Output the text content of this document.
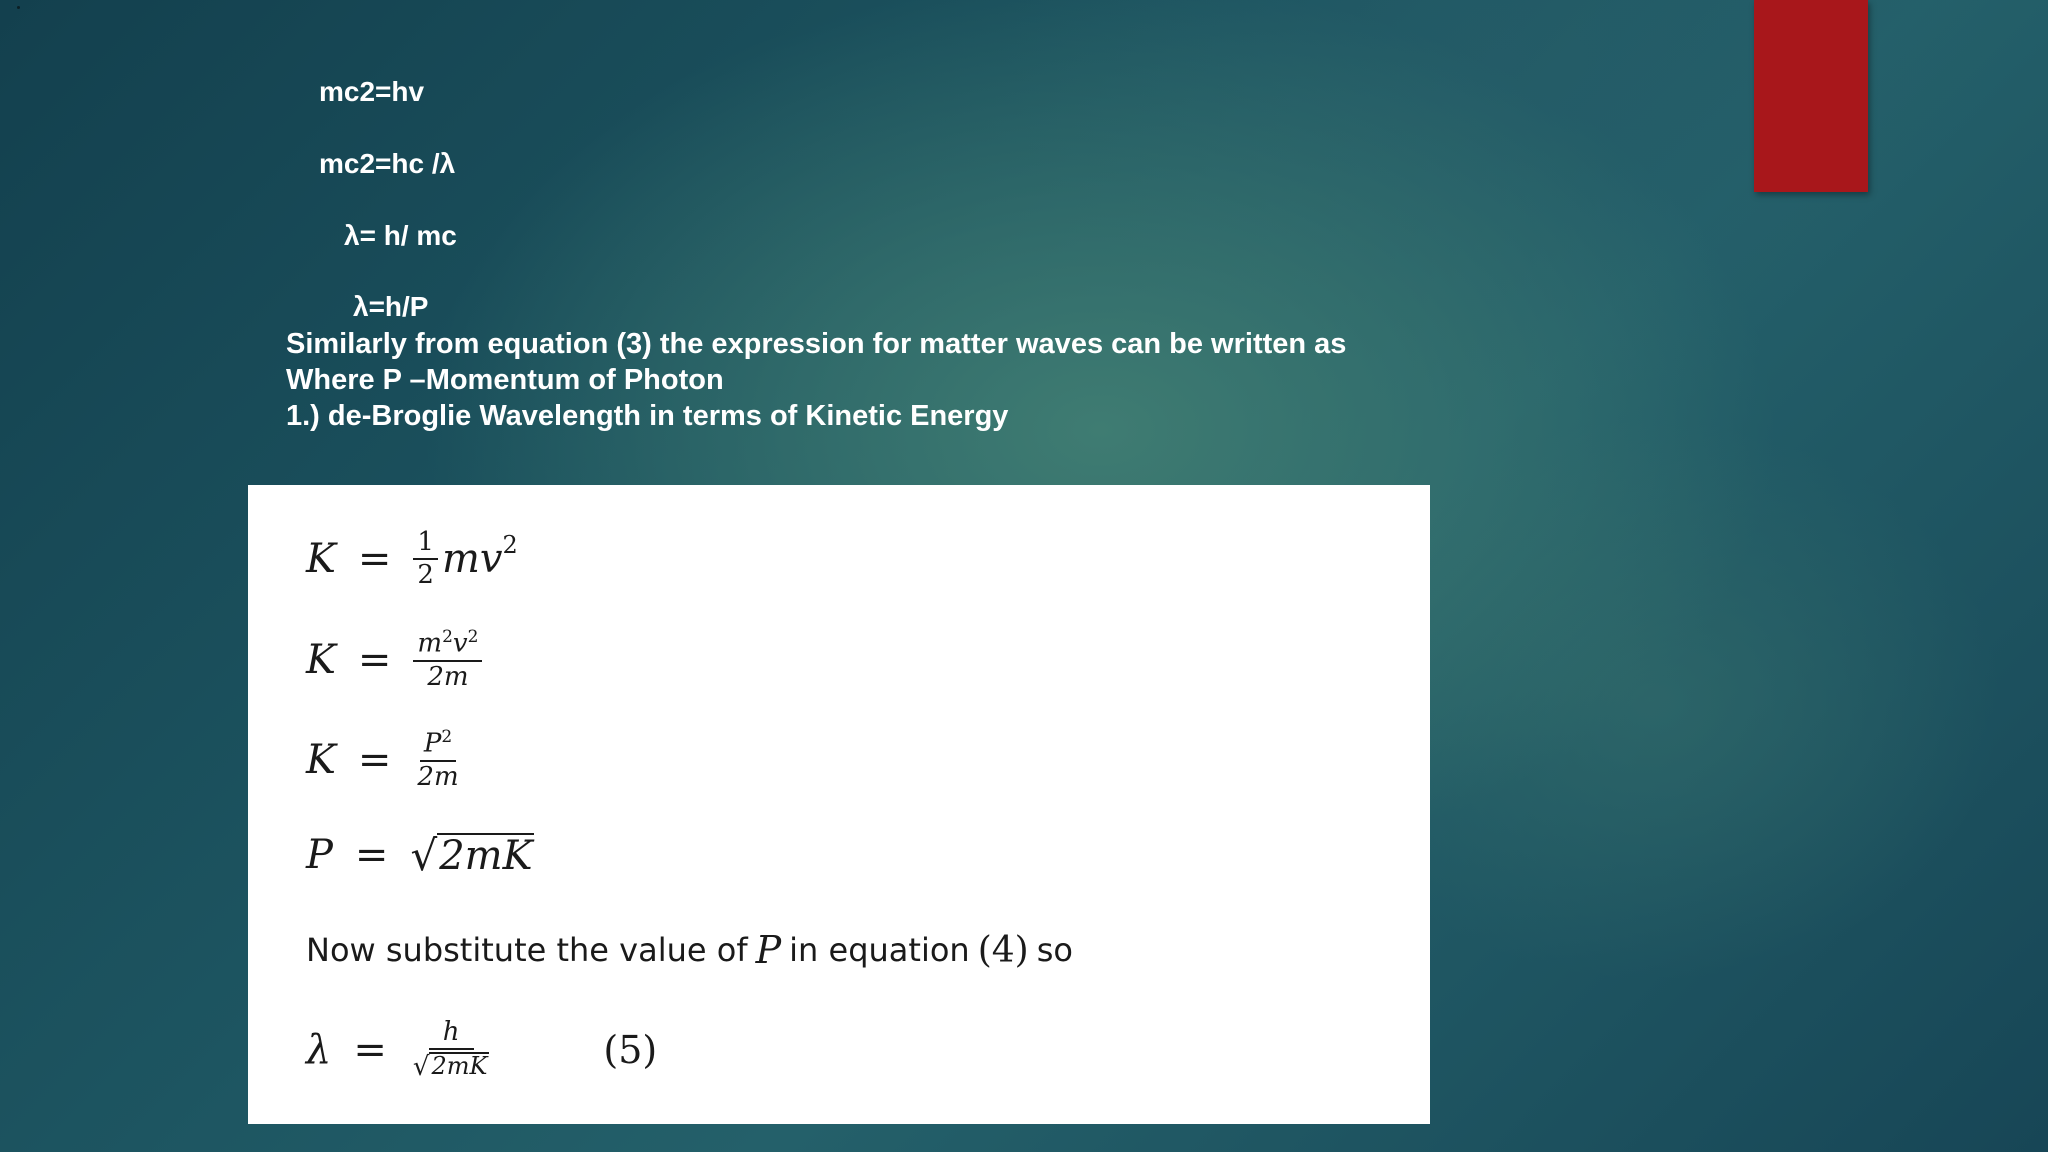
mc2=hv
mc2=hc /λ
λ= h/ mc
λ=h/P
Similarly from equation (3) the expression for matter waves can be written as
Where P –Momentum of Photon
1.) de-Broglie Wavelength in terms of Kinetic Energy
$K = \frac{1}{2}$ mv 2
$K = \frac{m^2v^2}{2m}$
$K = \frac{P^2}{2m}$
P = √ 2mK
Now substitute the value of P in equation (4) so
$\lambda = \frac{h}{√ 2mK}$	(5)
